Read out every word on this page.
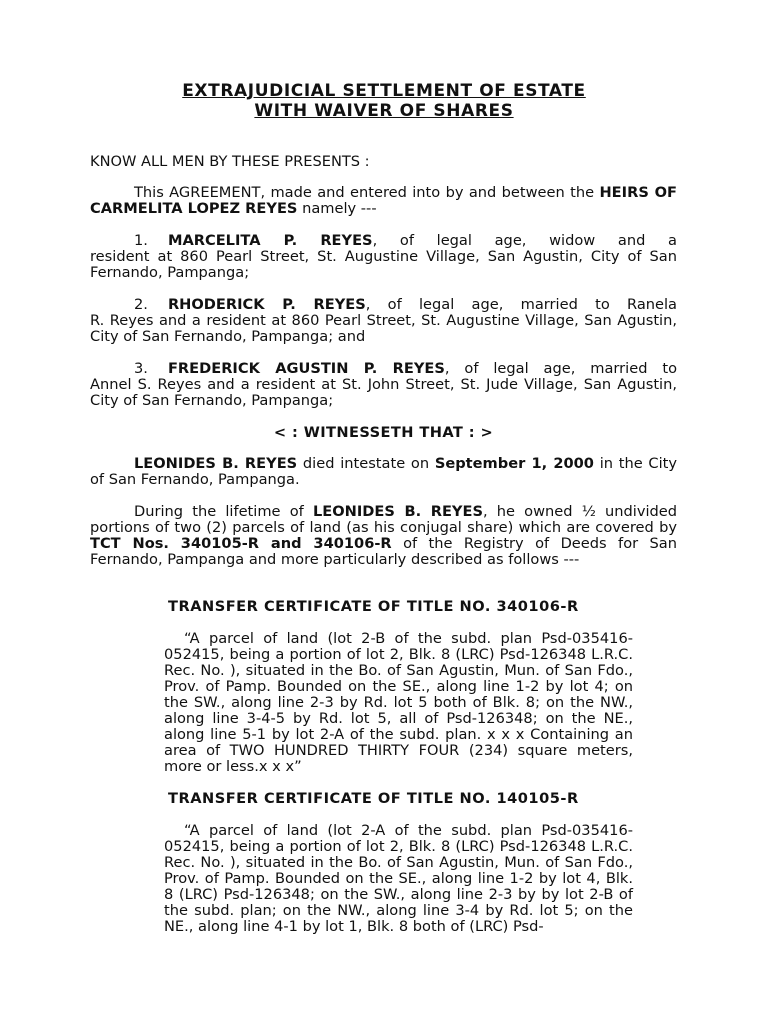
EXTRAJUDICIAL SETTLEMENT OF ESTATE
WITH WAIVER OF SHARES
KNOW ALL MEN BY THESE PRESENTS :
This AGREEMENT, made and entered into by and between the HEIRS OF CARMELITA LOPEZ REYES namely ---
1. MARCELITA P. REYES, of legal age, widow and a
resident at 860 Pearl Street, St. Augustine Village, San Agustin, City of San Fernando, Pampanga;
2. RHODERICK P. REYES, of legal age, married to Ranela
R. Reyes and a resident at 860 Pearl Street, St. Augustine Village, San Agustin, City of San Fernando, Pampanga; and
3. FREDERICK AGUSTIN P. REYES, of legal age, married to
Annel S. Reyes and a resident at St. John Street, St. Jude Village, San Agustin, City of San Fernando, Pampanga;
< : WITNESSETH THAT : >
LEONIDES B. REYES died intestate on September 1, 2000 in the City of San Fernando, Pampanga.
During the lifetime of LEONIDES B. REYES, he owned ½ undivided portions of two (2) parcels of land (as his conjugal share) which are covered by TCT Nos. 340105-R and 340106-R of the Registry of Deeds for San Fernando, Pampanga and more particularly described as follows ---
TRANSFER CERTIFICATE OF TITLE NO. 340106-R
“A parcel of land (lot 2-B of the subd. plan Psd-035416-052415, being a portion of lot 2, Blk. 8 (LRC) Psd-126348 L.R.C. Rec. No. ), situated in the Bo. of San Agustin, Mun. of San Fdo., Prov. of Pamp. Bounded on the SE., along line 1-2 by lot 4; on the SW., along line 2-3 by Rd. lot 5 both of Blk. 8; on the NW., along line 3-4-5 by Rd. lot 5, all of Psd-126348; on the NE., along line 5-1 by lot 2-A of the subd. plan. x x x Containing an area of TWO HUNDRED THIRTY FOUR (234) square meters, more or less.x x x”
TRANSFER CERTIFICATE OF TITLE NO. 140105-R
“A parcel of land (lot 2-A of the subd. plan Psd-035416-052415, being a portion of lot 2, Blk. 8 (LRC) Psd-126348 L.R.C. Rec. No. ), situated in the Bo. of San Agustin, Mun. of San Fdo., Prov. of Pamp. Bounded on the SE., along line 1-2 by lot 4, Blk. 8 (LRC) Psd-126348; on the SW., along line 2-3 by by lot 2-B of the subd. plan; on the NW., along line 3-4 by Rd. lot 5; on the NE., along line 4-1 by lot 1, Blk. 8 both of (LRC) Psd-
